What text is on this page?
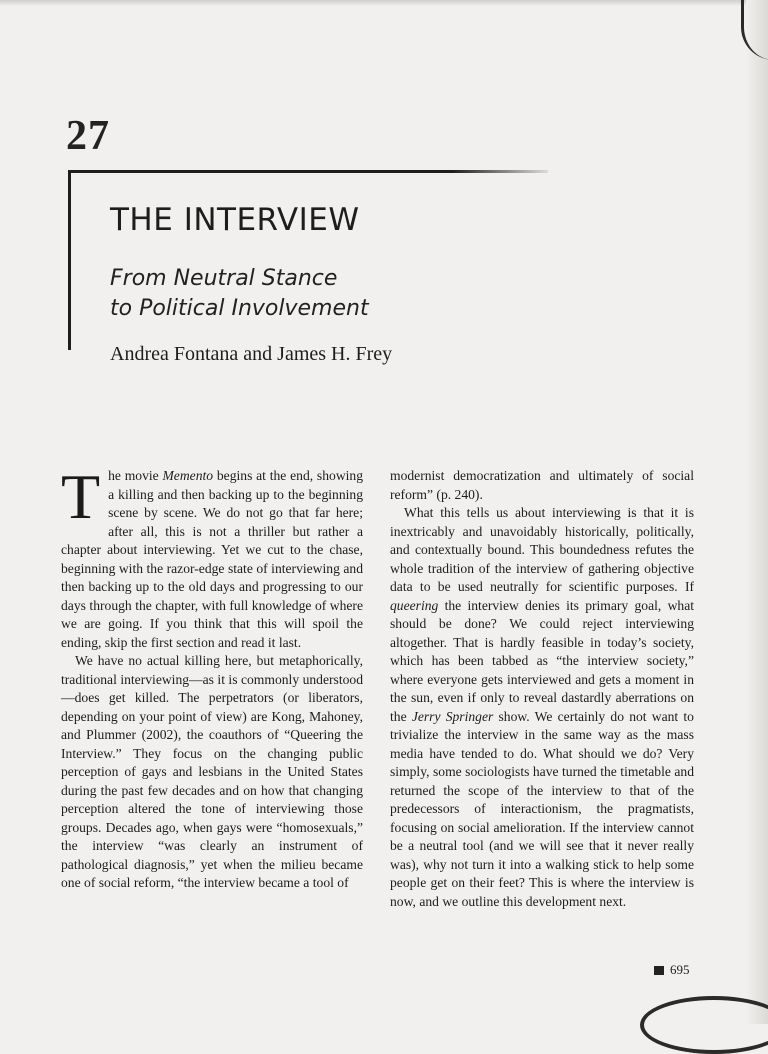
27
THE INTERVIEW
From Neutral Stance
to Political Involvement
Andrea Fontana and James H. Frey

The movie Memento begins at the end, showing a killing and then backing up to the beginning scene by scene. We do not go that far here; after all, this is not a thriller but rather a chapter about interviewing. Yet we cut to the chase, beginning with the razor-edge state of interviewing and then backing up to the old days and progressing to our days through the chapter, with full knowledge of where we are going. If you think that this will spoil the ending, skip the first section and read it last.

We have no actual killing here, but metaphorically, traditional interviewing—as it is commonly understood—does get killed. The perpetrators (or liberators, depending on your point of view) are Kong, Mahoney, and Plummer (2002), the coauthors of “Queering the Interview.” They focus on the changing public perception of gays and lesbians in the United States during the past few decades and on how that changing perception altered the tone of interviewing those groups. Decades ago, when gays were “homosexuals,” the interview “was clearly an instrument of pathological diagnosis,” yet when the milieu became one of social reform, “the interview became a tool of

modernist democratization and ultimately of social reform” (p. 240).

What this tells us about interviewing is that it is inextricably and unavoidably historically, politically, and contextually bound. This boundedness refutes the whole tradition of the interview of gathering objective data to be used neutrally for scientific purposes. If queering the interview denies its primary goal, what should be done? We could reject interviewing altogether. That is hardly feasible in today’s society, which has been tabbed as “the interview society,” where everyone gets interviewed and gets a moment in the sun, even if only to reveal dastardly aberrations on the Jerry Springer show. We certainly do not want to trivialize the interview in the same way as the mass media have tended to do. What should we do? Very simply, some sociologists have turned the timetable and returned the scope of the interview to that of the predecessors of interactionism, the pragmatists, focusing on social amelioration. If the interview cannot be a neutral tool (and we will see that it never really was), why not turn it into a walking stick to help some people get on their feet? This is where the interview is now, and we outline this development next.

695
